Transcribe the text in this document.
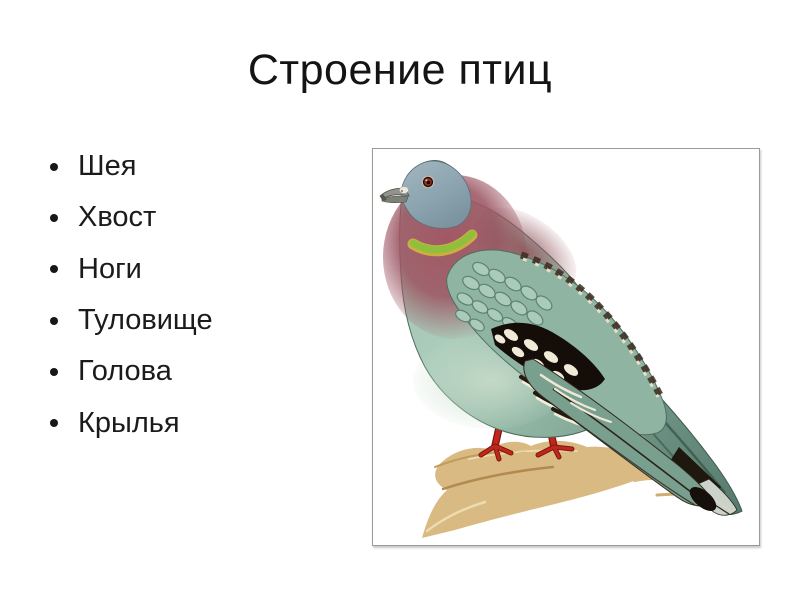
Строение птиц
Шея
Хвост
Ноги
Туловище
Голова
Крылья
